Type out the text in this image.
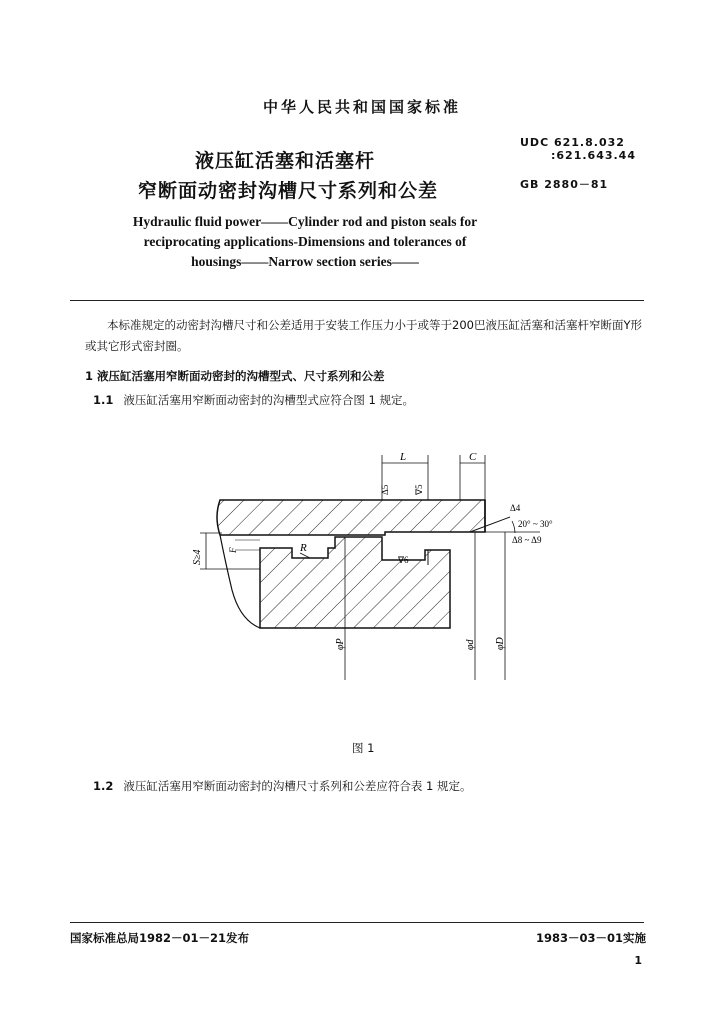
中华人民共和国国家标准
液压缸活塞和活塞杆
窄断面动密封沟槽尺寸系列和公差
UDC 621.8.032
:621.643.44
GB 2880－81
Hydraulic fluid power——Cylinder rod and piston seals for
reciprocating applications-Dimensions and tolerances of
housings——Narrow section series——
本标准规定的动密封沟槽尺寸和公差适用于安装工作压力小于或等于200巴液压缸活塞和活塞杆窄断面Y形或其它形式密封圈。
1 液压缸活塞用窄断面动密封的沟槽型式、尺寸系列和公差
1.1 液压缸活塞用窄断面动密封的沟槽型式应符合图 1 规定。
L	C
Δ5	∇5
∇6
Δ4
20° ~ 30°
Δ8 ~ Δ9
R
S≥4	F
φP	φd φD
图 1
1.2 液压缸活塞用窄断面动密封的沟槽尺寸系列和公差应符合表 1 规定。
国家标准总局1982－01－21发布	1983－03－01实施
1
